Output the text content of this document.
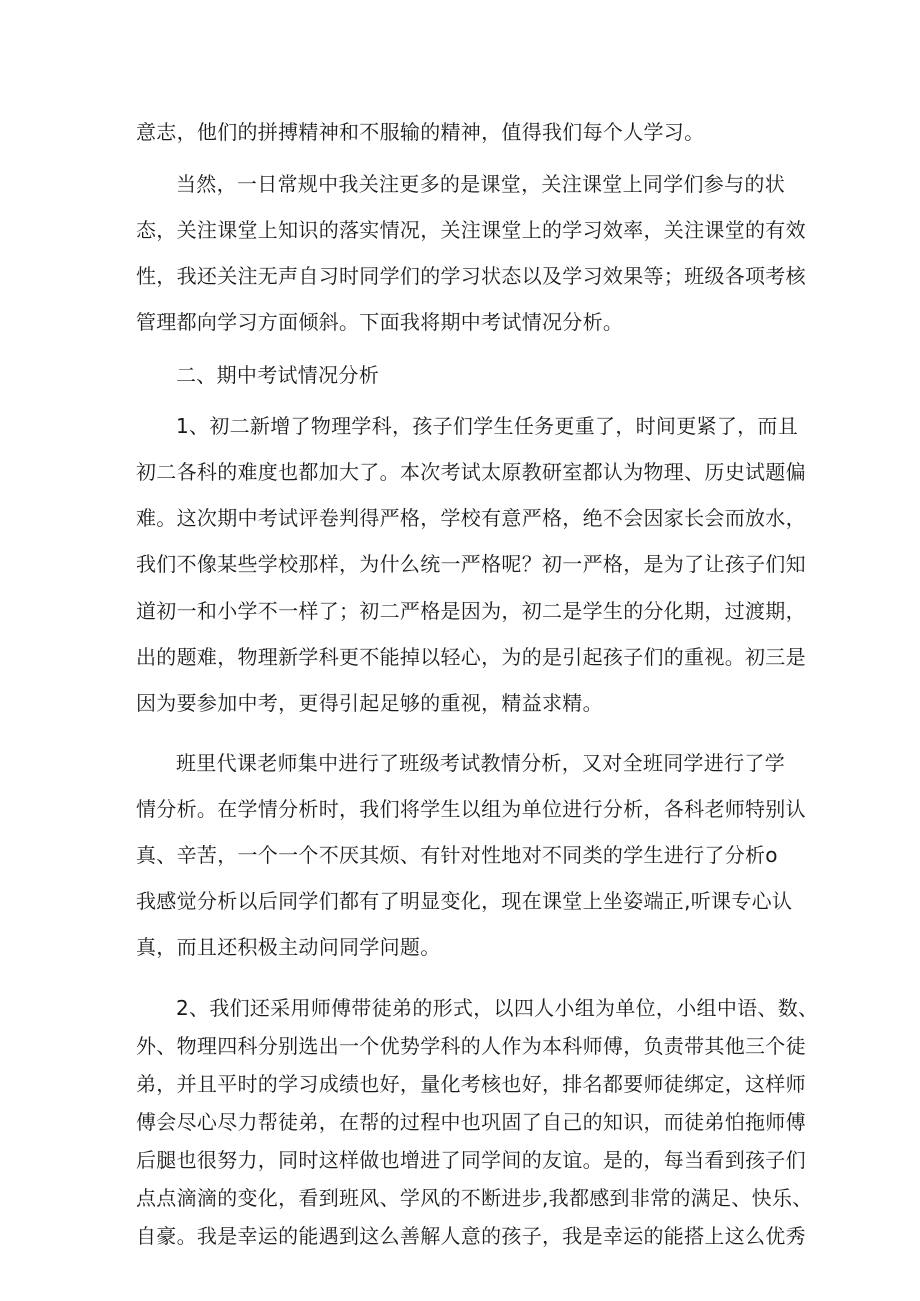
意志，他们的拼搏精神和不服输的精神，值得我们每个人学习。
当然，一日常规中我关注更多的是课堂，关注课堂上同学们参与的状
态，关注课堂上知识的落实情况，关注课堂上的学习效率，关注课堂的有效
性，我还关注无声自习时同学们的学习状态以及学习效果等；班级各项考核
管理都向学习方面倾斜。下面我将期中考试情况分析。
二、期中考试情况分析
1、初二新增了物理学科，孩子们学生任务更重了，时间更紧了，而且
初二各科的难度也都加大了。本次考试太原教研室都认为物理、历史试题偏
难。这次期中考试评卷判得严格，学校有意严格，绝不会因家长会而放水，
我们不像某些学校那样，为什么统一严格呢？初一严格，是为了让孩子们知
道初一和小学不一样了；初二严格是因为，初二是学生的分化期，过渡期，
出的题难，物理新学科更不能掉以轻心，为的是引起孩子们的重视。初三是
因为要参加中考，更得引起足够的重视，精益求精。
班里代课老师集中进行了班级考试教情分析，又对全班同学进行了学
情分析。在学情分析时，我们将学生以组为单位进行分析，各科老师特别认
真、辛苦，一个一个不厌其烦、有针对性地对不同类的学生进行了分析o
我感觉分析以后同学们都有了明显变化，现在课堂上坐姿端正,听课专心认
真，而且还积极主动问同学问题。
2、我们还采用师傅带徒弟的形式，以四人小组为单位，小组中语、数、
外、物理四科分别选出一个优势学科的人作为本科师傅，负责带其他三个徒
弟，并且平时的学习成绩也好，量化考核也好，排名都要师徒绑定，这样师
傅会尽心尽力帮徒弟，在帮的过程中也巩固了自己的知识，而徒弟怕拖师傅
后腿也很努力，同时这样做也增进了同学间的友谊。是的，每当看到孩子们
点点滴滴的变化，看到班风、学风的不断进步,我都感到非常的满足、快乐、
自豪。我是幸运的能遇到这么善解人意的孩子，我是幸运的能搭上这么优秀
